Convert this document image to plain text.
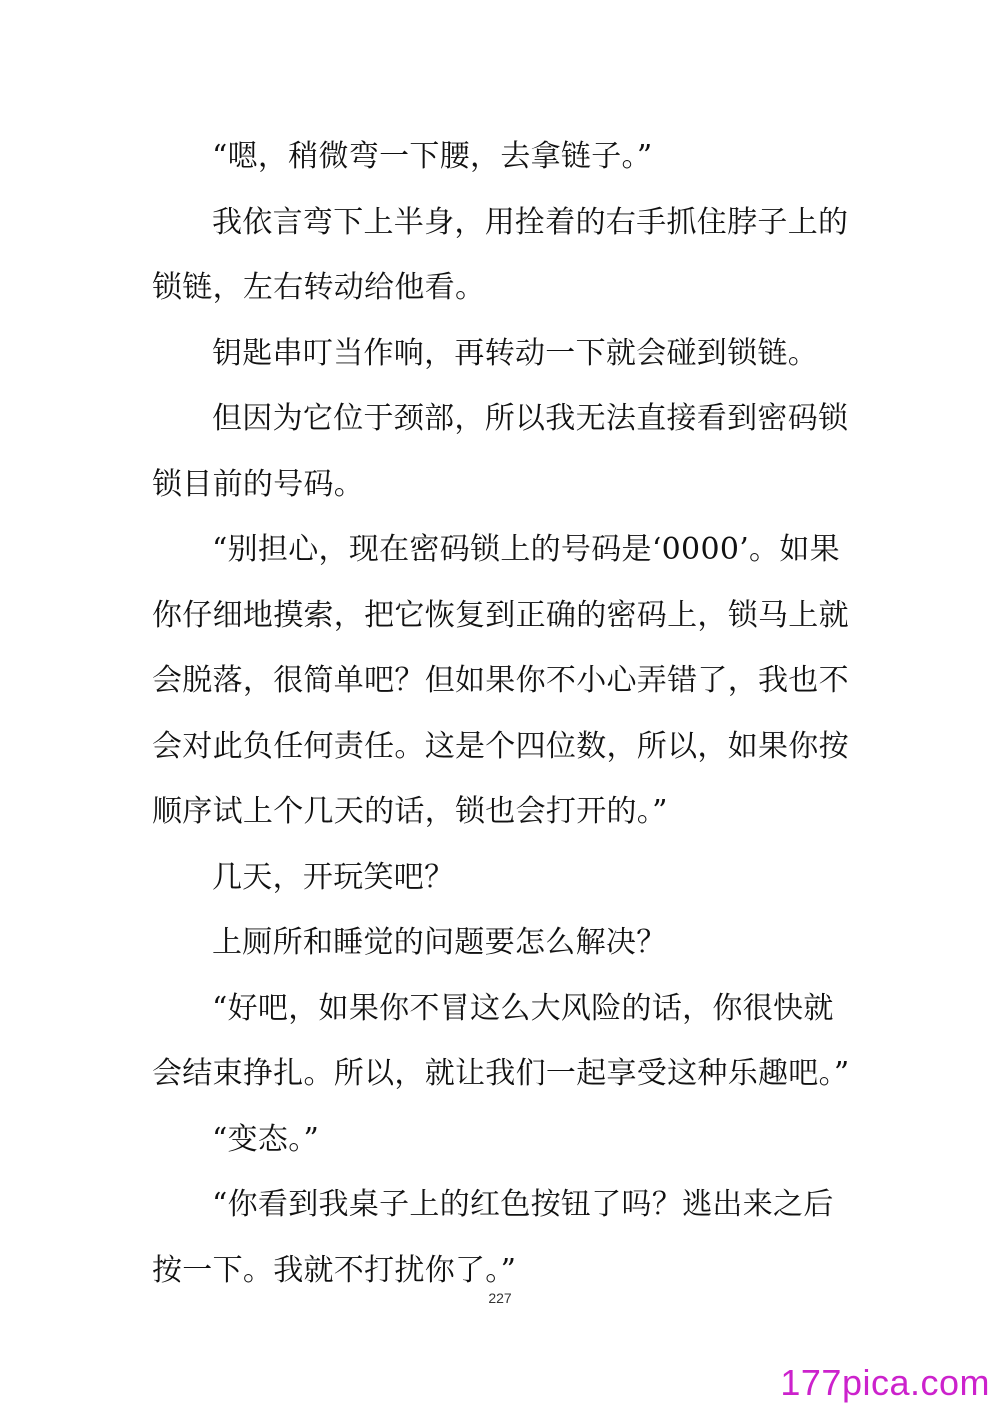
“嗯，稍微弯一下腰，去拿链子。”

我依言弯下上半身，用拴着的右手抓住脖子上的锁链，左右转动给他看。

钥匙串叮当作响，再转动一下就会碰到锁链。

但因为它位于颈部，所以我无法直接看到密码锁锁目前的号码。

“别担心，现在密码锁上的号码是‘0000’。如果你仔细地摸索，把它恢复到正确的密码上，锁马上就会脱落，很简单吧？但如果你不小心弄错了，我也不会对此负任何责任。这是个四位数，所以，如果你按顺序试上个几天的话，锁也会打开的。”

几天，开玩笑吧？

上厕所和睡觉的问题要怎么解决？

“好吧，如果你不冒这么大风险的话，你很快就会结束挣扎。所以，就让我们一起享受这种乐趣吧。”

“变态。”

“你看到我桌子上的红色按钮了吗？逃出来之后按一下。我就不打扰你了。”

227
177pica.com
